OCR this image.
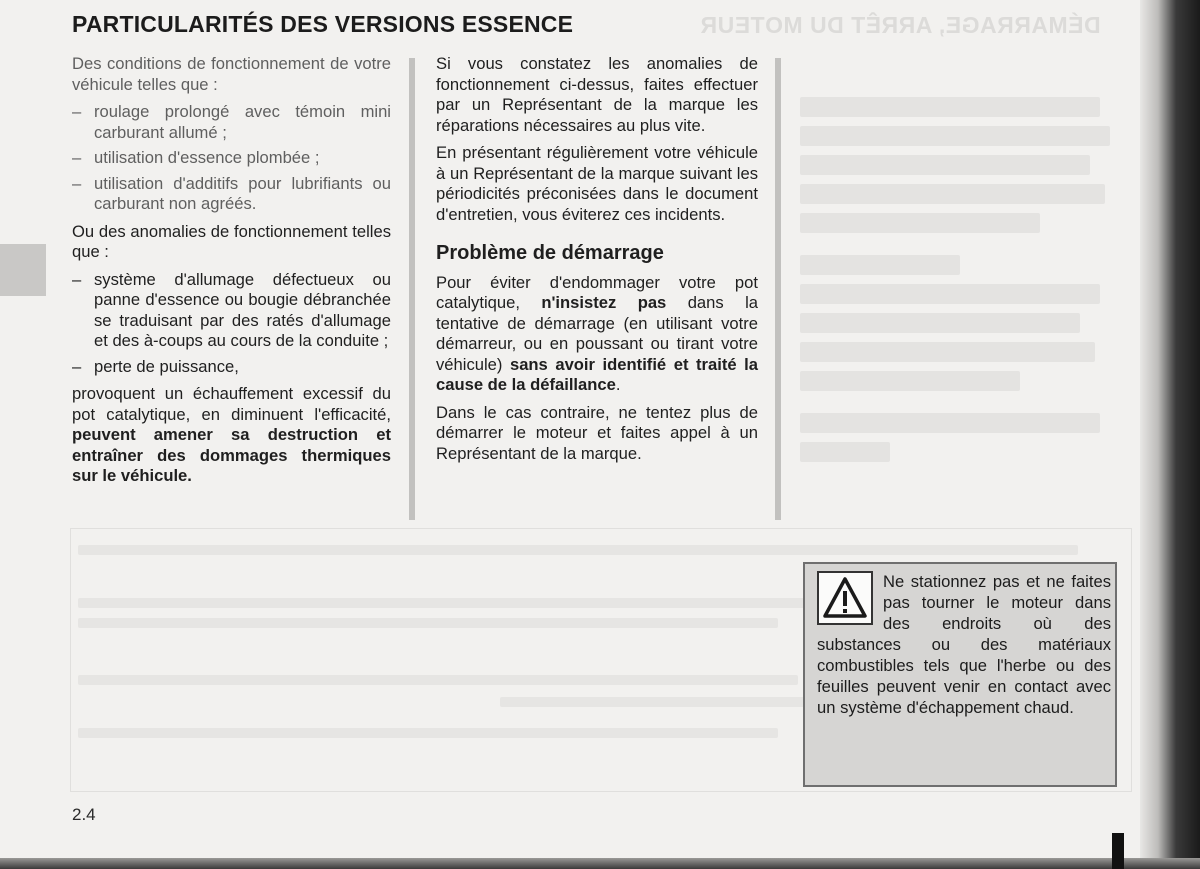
DÉMARRAGE, ARRÊT DU MOTEUR
PARTICULARITÉS DES VERSIONS ESSENCE

Des conditions de fonctionnement de votre véhicule telles que :

– roulage prolongé avec témoin mini carburant allumé ;
– utilisation d'essence plombée ;
– utilisation d'additifs pour lubrifiants ou carburant non agréés.

Ou des anomalies de fonctionnement telles que :

– système d'allumage défectueux ou panne d'essence ou bougie débranchée se traduisant par des ratés d'allumage et des à-coups au cours de la conduite ;
– perte de puissance,

provoquent un échauffement excessif du pot catalytique, en diminuent l'efficacité, peuvent amener sa destruction et entraîner des dommages thermiques sur le véhicule.

Si vous constatez les anomalies de fonctionnement ci-dessus, faites effectuer par un Représentant de la marque les réparations nécessaires au plus vite.

En présentant régulièrement votre véhicule à un Représentant de la marque suivant les périodicités préconisées dans le document d'entretien, vous éviterez ces incidents.

Problème de démarrage

Pour éviter d'endommager votre pot catalytique, n'insistez pas dans la tentative de démarrage (en utilisant votre démarreur, ou en poussant ou tirant votre véhicule) sans avoir identifié et traité la cause de la défaillance.

Dans le cas contraire, ne tentez plus de démarrer le moteur et faites appel à un Représentant de la marque.

Ne stationnez pas et ne faites pas tourner le moteur dans des endroits où des substances ou des matériaux combustibles tels que l'herbe ou des feuilles peuvent venir en contact avec un système d'échappement chaud.
2.4
